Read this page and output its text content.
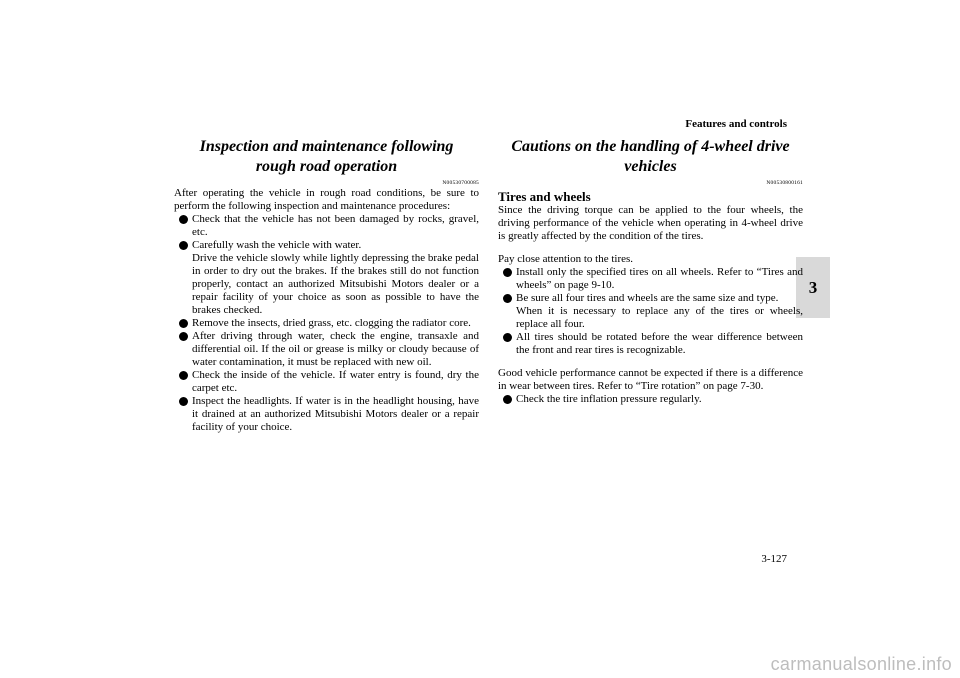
Features and controls
3
Inspection and maintenance following rough road operation
N00530700085

After operating the vehicle in rough road conditions, be sure to perform the following inspection and maintenance procedures:

Check that the vehicle has not been damaged by rocks, gravel, etc.
Carefully wash the vehicle with water.
Drive the vehicle slowly while lightly depressing the brake pedal in order to dry out the brakes. If the brakes still do not function properly, contact an authorized Mitsubishi Motors dealer or a repair facility of your choice as soon as possible to have the brakes checked.
Remove the insects, dried grass, etc. clogging the radiator core.
After driving through water, check the engine, transaxle and differential oil. If the oil or grease is milky or cloudy because of water contamination, it must be replaced with new oil.
Check the inside of the vehicle. If water entry is found, dry the carpet etc.
Inspect the headlights. If water is in the headlight housing, have it drained at an authorized Mitsubishi Motors dealer or a repair facility of your choice.
Cautions on the handling of 4-wheel drive vehicles
N00530800161
Tires and wheels

Since the driving torque can be applied to the four wheels, the driving performance of the vehicle when operating in 4-wheel drive is greatly affected by the condition of the tires.

Pay close attention to the tires.

Install only the specified tires on all wheels. Refer to “Tires and wheels” on page 9-10.
Be sure all four tires and wheels are the same size and type.
When it is necessary to replace any of the tires or wheels, replace all four.
All tires should be rotated before the wear difference between the front and rear tires is recognizable.

Good vehicle performance cannot be expected if there is a difference in wear between tires. Refer to “Tire rotation” on page 7-30.

Check the tire inflation pressure regularly.
3-127
carmanualsonline.info
